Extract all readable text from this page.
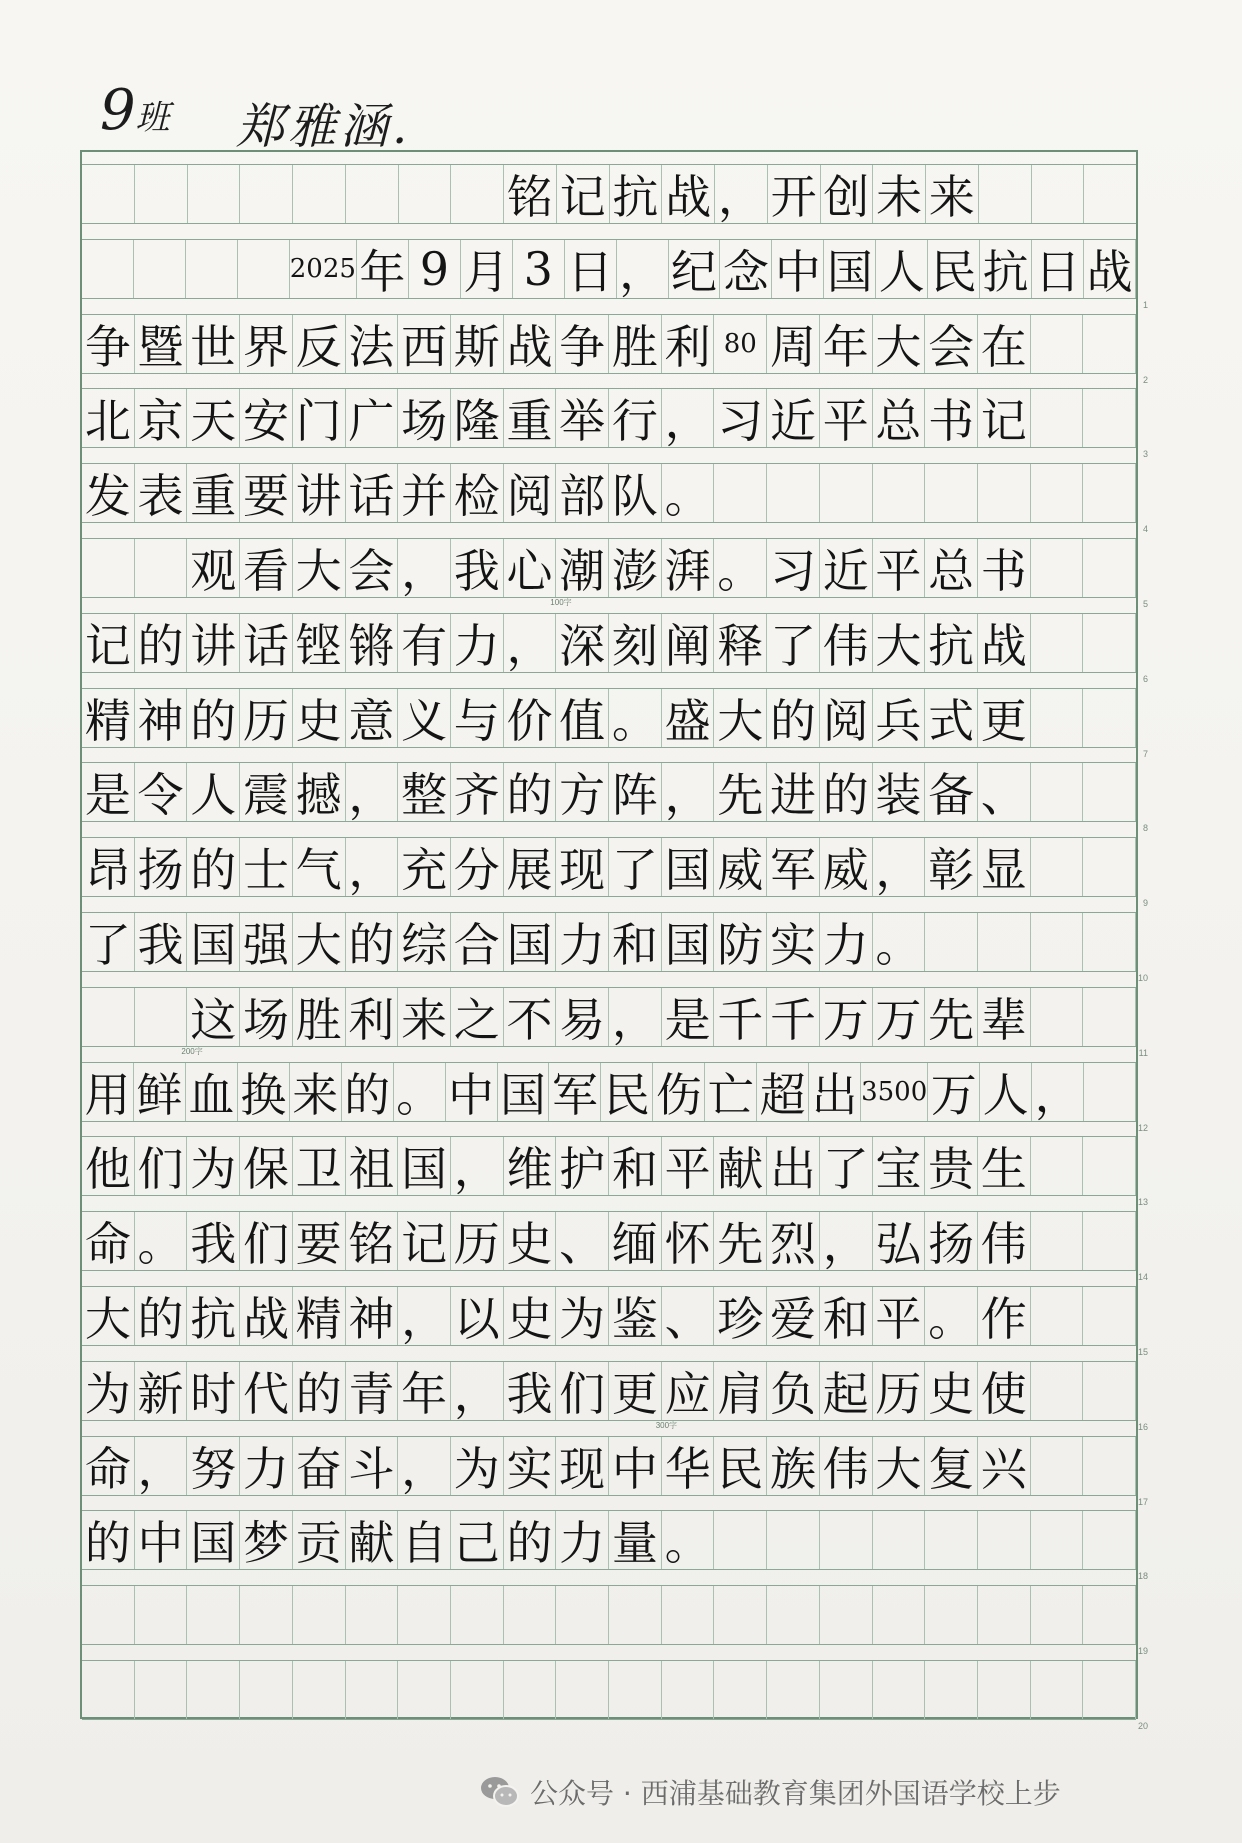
9班 郑雅涵.
铭 记 抗 战 ， 开 创 未 来
2025 年 9 月 3 日 ， 纪 念 中 国 人 民 抗 日 战
1
争 暨 世 界 反 法 西 斯 战 争 胜 利 80 周 年 大 会 在
2
北 京 天 安 门 广 场 隆 重 举 行 ， 习 近 平 总 书 记
3
发 表 重 要 讲 话 并 检 阅 部 队 。
4
观 看 大 会 ， 我 心 潮 澎 湃 。 习 近 平 总 书
5
记 的 讲 话 铿 锵 有 力 ， 深 刻 阐 释 了 伟 大 抗 战
6
精 神 的 历 史 意 义 与 价 值 。 盛 大 的 阅 兵 式 更
7
是 令 人 震 撼 ， 整 齐 的 方 阵 ， 先 进 的 装 备 、
8
昂 扬 的 士 气 ， 充 分 展 现 了 国 威 军 威 ， 彰 显
9
了 我 国 强 大 的 综 合 国 力 和 国 防 实 力 。
10
这 场 胜 利 来 之 不 易 ， 是 千 千 万 万 先 辈
11
用 鲜 血 换 来 的 。 中 国 军 民 伤 亡 超 出 3500 万 人 ，
12
他 们 为 保 卫 祖 国 ， 维 护 和 平 献 出 了 宝 贵 生
13
命 。 我 们 要 铭 记 历 史 、 缅 怀 先 烈 ， 弘 扬 伟
14
大 的 抗 战 精 神 ， 以 史 为 鉴 、 珍 爱 和 平 。 作
15
为 新 时 代 的 青 年 ， 我 们 更 应 肩 负 起 历 史 使
16
命 ， 努 力 奋 斗 ， 为 实 现 中 华 民 族 伟 大 复 兴
17
的 中 国 梦 贡 献 自 己 的 力 量 。
18
19
20
100字
200字
300字
公众号 · 西浦基础教育集团外国语学校上步
